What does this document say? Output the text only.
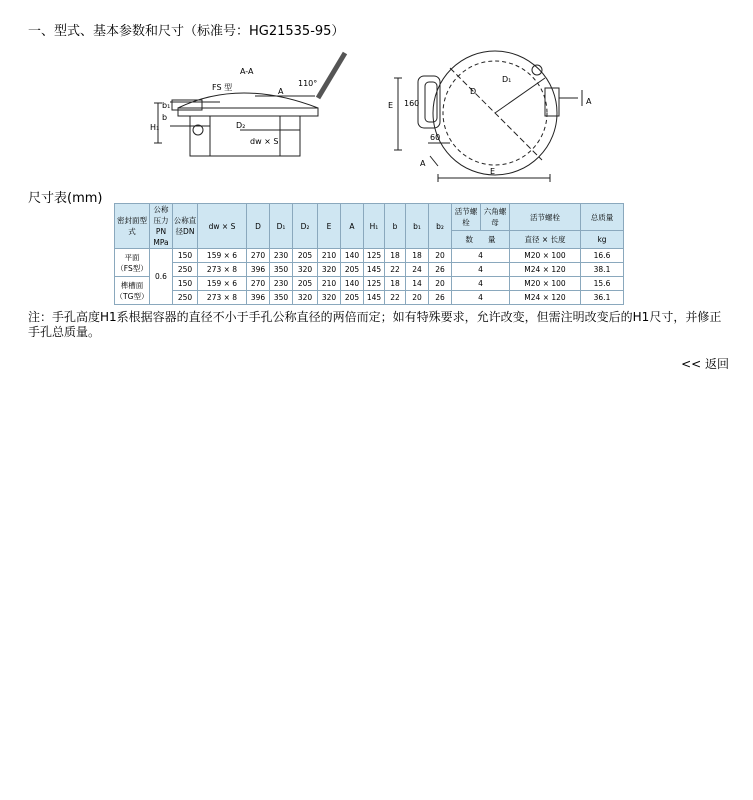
一、型式、基本参数和尺寸（标准号：HG21535-95）
A-A
FS 型	110°
A
D₂
dw × S
H₁
b
b₁	E 160
60
D
D₁
E
A
A
尺寸表(mm)
密封面型式	公称压力PN MPa	公称直径DN	dw × S	D	D₁	D₂	E	A	H₁	b	b₁	b₂	活节螺栓	六角螺母	活节螺栓	总质量
													数　　量		直径 × 长度	kg
平面
（FS型）	0.6	150	159 × 6	270	230	205	210	140	125	18	18	20	4		M20 × 100	16.6
		250	273 × 8	396	350	320	320	205	145	22	24	26	4		M24 × 120	38.1
榫槽面
（TG型）		150	159 × 6	270	230	205	210	140	125	18	14	20	4		M20 × 100	15.6
		250	273 × 8	396	350	320	320	205	145	22	20	26	4		M24 × 120	36.1
注：手孔高度H1系根据容器的直径不小于手孔公称直径的两倍而定；如有特殊要求，允许改变，但需注明改变后的H1尺寸，并修正手孔总质量。
<< 返回
